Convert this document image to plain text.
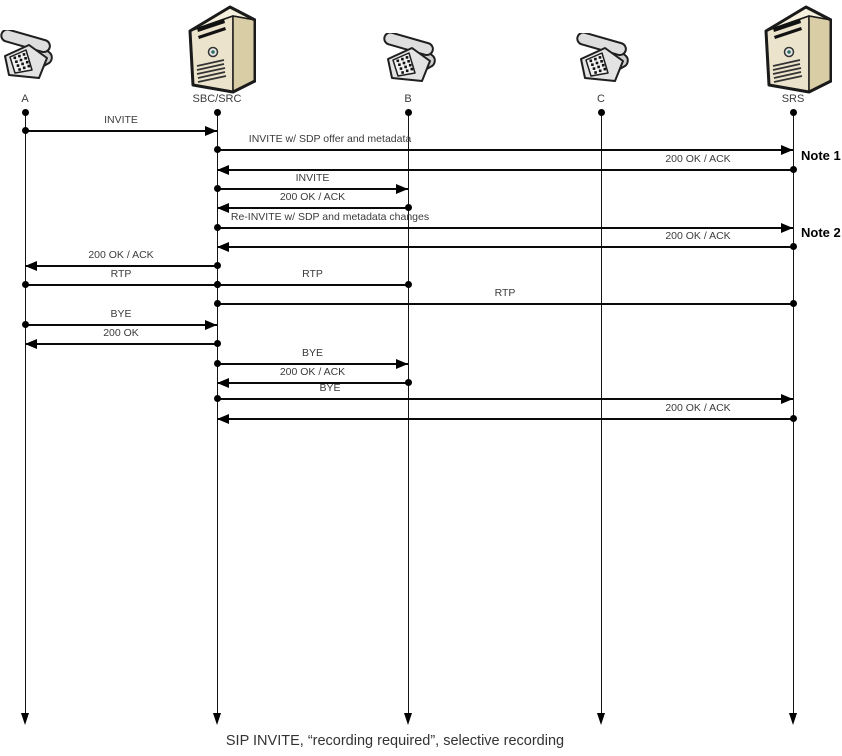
A	SBC/SRC	B	C	SRS
INVITE
INVITE w/ SDP offer and metadata
200 OK / ACK
INVITE
200 OK / ACK
Re-INVITE w/ SDP and metadata changes
200 OK / ACK
200 OK / ACK
RTP	RTP
RTP
BYE
200 OK
BYE
200 OK / ACK
BYE
200 OK / ACK
Note 1
Note 2
SIP INVITE, “recording required”, selective recording
